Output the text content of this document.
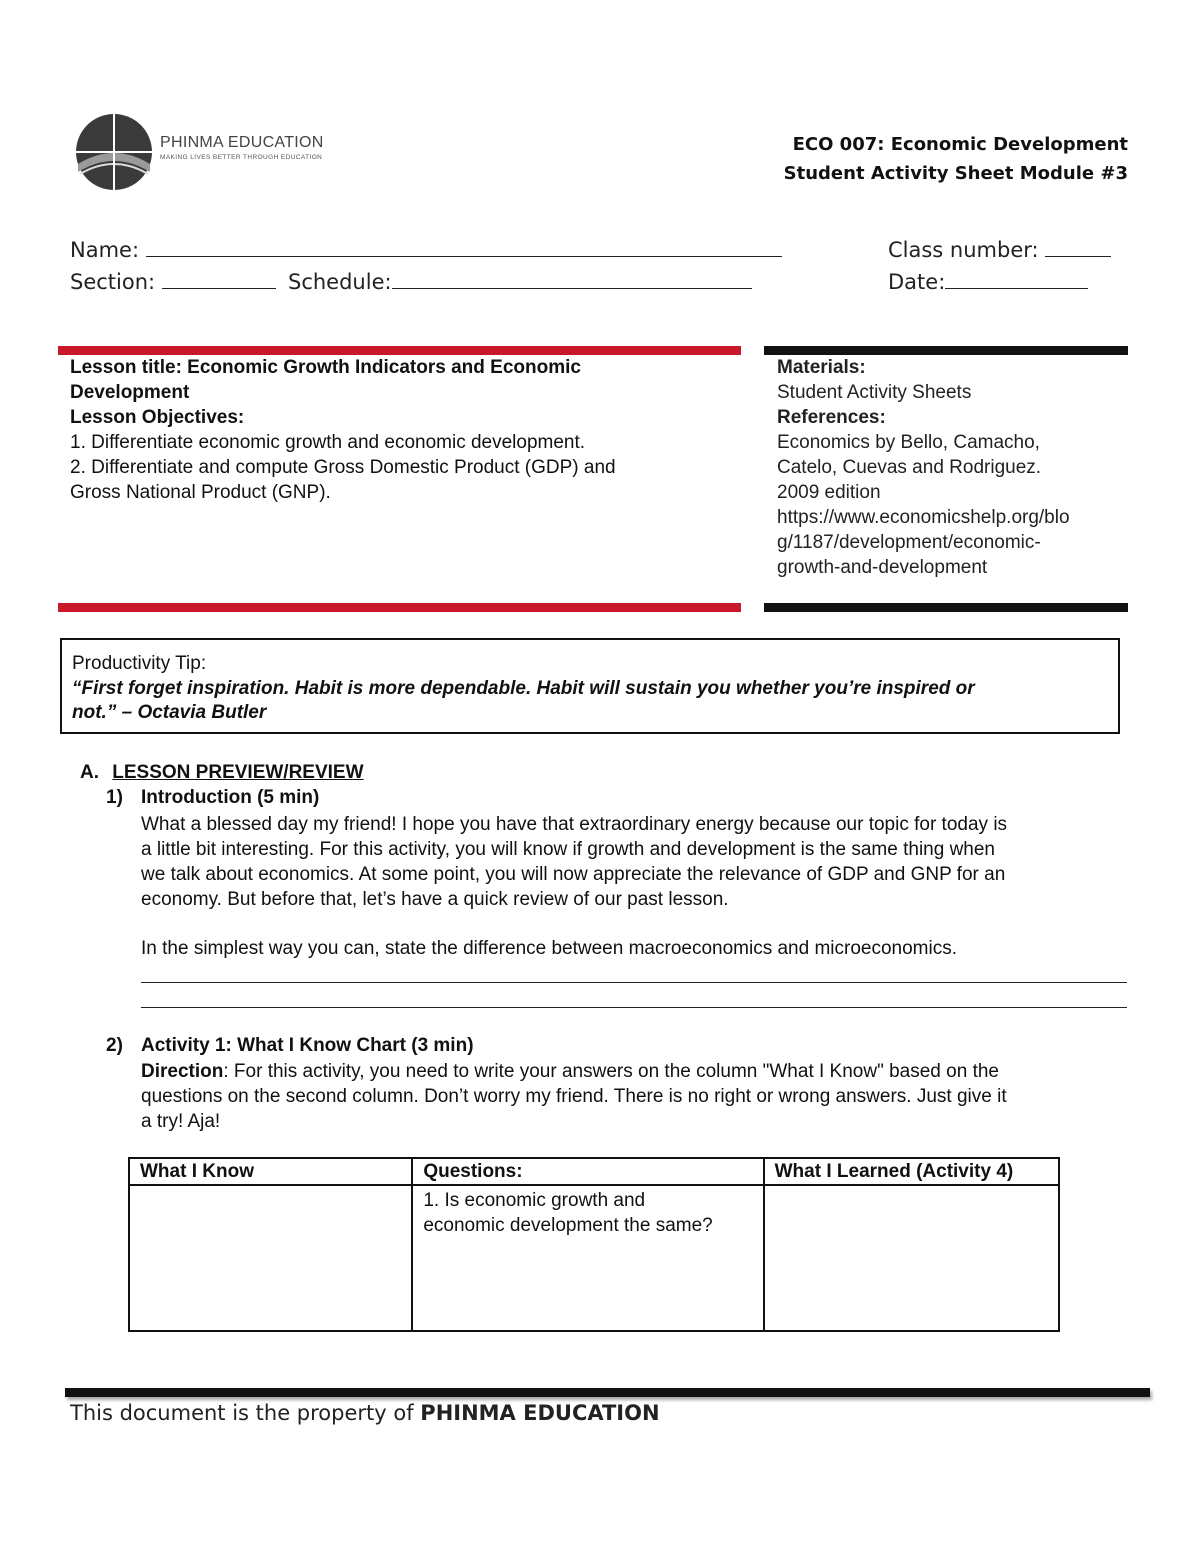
PHINMA EDUCATION
MAKING LIVES BETTER THROUGH EDUCATION
ECO 007: Economic Development
Student Activity Sheet Module #3
Name:	Class number:
Section:	Schedule:	Date:
Lesson title: Economic Growth Indicators and Economic
Development
Lesson Objectives:
1. Differentiate economic growth and economic development.
2. Differentiate and compute Gross Domestic Product (GDP) and
Gross National Product (GNP).
Materials:
Student Activity Sheets
References:
Economics by Bello, Camacho,
Catelo, Cuevas and Rodriguez.
2009 edition
https://www.economicshelp.org/blo
g/1187/development/economic-
growth-and-development
Productivity Tip:
“First forget inspiration. Habit is more dependable. Habit will sustain you whether you’re inspired or
not.” – Octavia Butler
A. LESSON PREVIEW/REVIEW
1) Introduction (5 min)
What a blessed day my friend! I hope you have that extraordinary energy because our topic for today is
a little bit interesting. For this activity, you will know if growth and development is the same thing when
we talk about economics. At some point, you will now appreciate the relevance of GDP and GNP for an
economy. But before that, let’s have a quick review of our past lesson.
In the simplest way you can, state the difference between macroeconomics and microeconomics.
2) Activity 1: What I Know Chart (3 min)
Direction: For this activity, you need to write your answers on the column "What I Know" based on the
questions on the second column. Don’t worry my friend. There is no right or wrong answers. Just give it
a try! Aja!
What I Know	Questions:	What I Learned (Activity 4)

	1. Is economic growth and
economic development the same?	

This document is the property of PHINMA EDUCATION
